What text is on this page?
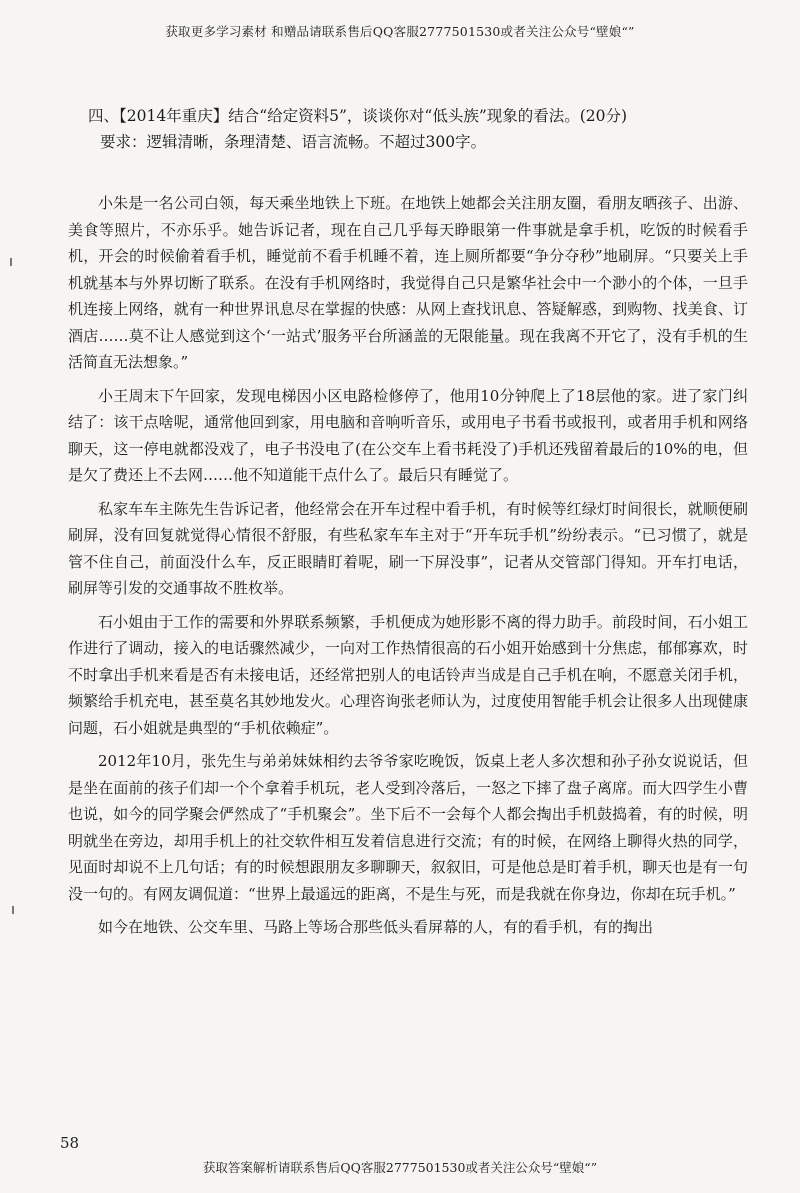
获取更多学习素材 和赠品请联系售后QQ客服2777501530或者关注公众号“壁娘“”

四、【2014年重庆】结合“给定资料5”，谈谈你对“低头族”现象的看法。(20分)

要求：逻辑清晰，条理清楚、语言流畅。不超过300字。

小朱是一名公司白领，每天乘坐地铁上下班。在地铁上她都会关注朋友圈，看朋友晒孩子、出游、美食等照片，不亦乐乎。她告诉记者，现在自己几乎每天睁眼第一件事就是拿手机，吃饭的时候看手机，开会的时候偷着看手机，睡觉前不看手机睡不着，连上厕所都要“争分夺秒”地刷屏。“只要关上手机就基本与外界切断了联系。在没有手机网络时，我觉得自己只是繁华社会中一个渺小的个体，一旦手机连接上网络，就有一种世界讯息尽在掌握的快感：从网上查找讯息、答疑解惑，到购物、找美食、订酒店……莫不让人感觉到这个‘一站式’服务平台所涵盖的无限能量。现在我离不开它了，没有手机的生活简直无法想象。”

小王周末下午回家，发现电梯因小区电路检修停了，他用10分钟爬上了18层他的家。进了家门纠结了：该干点啥呢，通常他回到家，用电脑和音响听音乐，或用电子书看书或报刊，或者用手机和网络聊天，这一停电就都没戏了，电子书没电了(在公交车上看书耗没了)手机还残留着最后的10%的电，但是欠了费还上不去网……他不知道能干点什么了。最后只有睡觉了。

私家车车主陈先生告诉记者，他经常会在开车过程中看手机，有时候等红绿灯时间很长，就顺便刷刷屏，没有回复就觉得心情很不舒服，有些私家车车主对于“开车玩手机”纷纷表示。“已习惯了，就是管不住自己，前面没什么车，反正眼睛盯着呢，刷一下屏没事”，记者从交管部门得知。开车打电话，刷屏等引发的交通事故不胜枚举。

石小姐由于工作的需要和外界联系频繁，手机便成为她形影不离的得力助手。前段时间，石小姐工作进行了调动，接入的电话骤然减少，一向对工作热情很高的石小姐开始感到十分焦虑，郁郁寡欢，时不时拿出手机来看是否有未接电话，还经常把别人的电话铃声当成是自己手机在响，不愿意关闭手机，频繁给手机充电，甚至莫名其妙地发火。心理咨询张老师认为，过度使用智能手机会让很多人出现健康问题，石小姐就是典型的“手机依赖症”。

2012年10月，张先生与弟弟妹妹相约去爷爷家吃晚饭，饭桌上老人多次想和孙子孙女说说话，但是坐在面前的孩子们却一个个拿着手机玩，老人受到冷落后，一怒之下摔了盘子离席。而大四学生小曹也说，如今的同学聚会俨然成了“手机聚会”。坐下后不一会每个人都会掏出手机鼓捣着，有的时候，明明就坐在旁边，却用手机上的社交软件相互发着信息进行交流；有的时候，在网络上聊得火热的同学，见面时却说不上几句话；有的时候想跟朋友多聊聊天，叙叙旧，可是他总是盯着手机，聊天也是有一句没一句的。有网友调侃道：“世界上最遥远的距离，不是生与死，而是我就在你身边，你却在玩手机。”

如今在地铁、公交车里、马路上等场合那些低头看屏幕的人，有的看手机，有的掏出

58
获取答案解析请联系售后QQ客服2777501530或者关注公众号“壁娘“”
